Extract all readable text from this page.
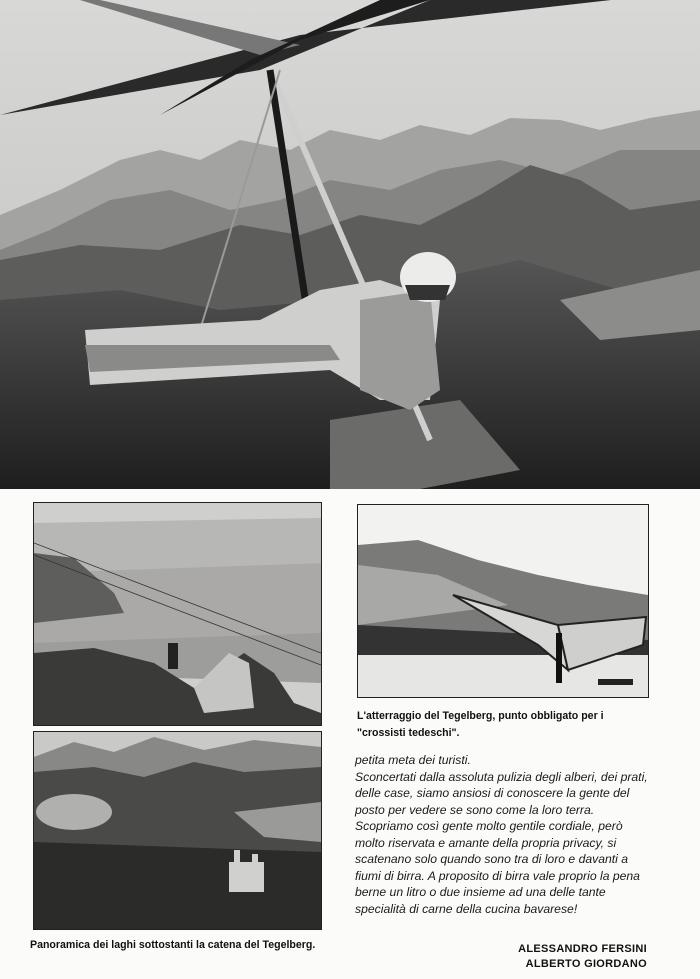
L'atterraggio del Tegelberg, punto obbligato per i "crossisti tedeschi".
Panoramica dei laghi sottostanti la catena del Tegelberg.

petita meta dei turisti.

Sconcertati dalla assoluta pulizia degli alberi, dei prati, delle case, siamo ansiosi di conoscere la gente del posto per vedere se sono come la loro terra.

Scopriamo così gente molto gentile cordiale, però molto riservata e amante della propria privacy, si scatenano solo quando sono tra di loro e davanti a fiumi di birra. A proposito di birra vale proprio la pena berne un litro o due insieme ad una delle tante specialità di carne della cucina bavarese!

ALESSANDRO FERSINI
ALBERTO GIORDANO
